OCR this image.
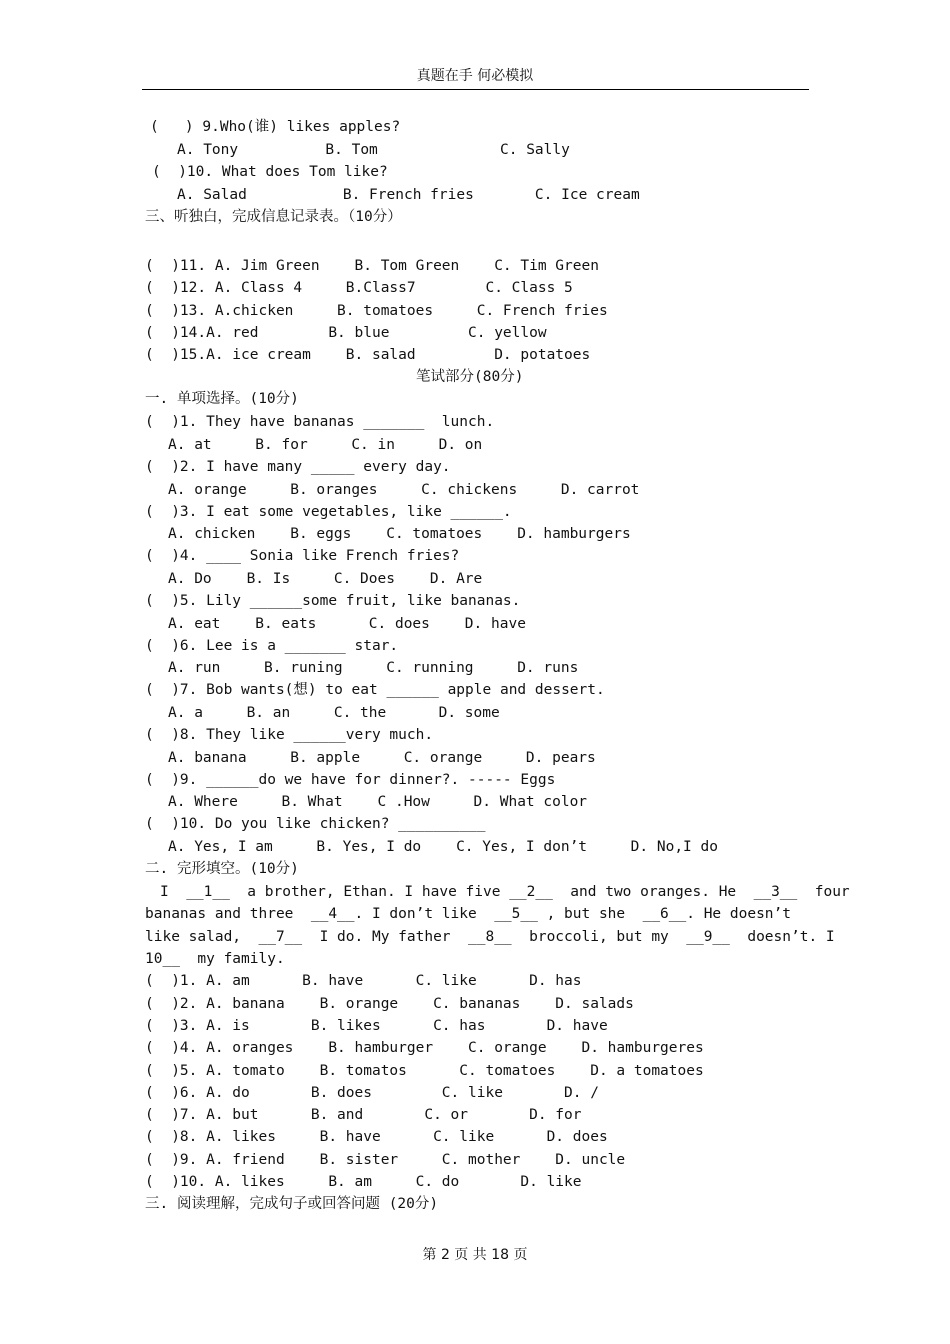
真题在手 何必模拟
(   ) 9.Who(谁) likes apples?
A. Tony          B. Tom              C. Sally
(  )10. What does Tom like?
A. Salad           B. French fries       C. Ice cream
三、听独白，完成信息记录表。（10分）
(  )11. A. Jim Green    B. Tom Green    C. Tim Green
(  )12. A. Class 4     B.Class7        C. Class 5
(  )13. A.chicken     B. tomatoes     C. French fries
(  )14.A. red        B. blue         C. yellow
(  )15.A. ice cream    B. salad         D. potatoes
笔试部分(80分)
一. 单项选择。(10分)
(  )1. They have bananas _______  lunch.
A. at     B. for     C. in     D. on
(  )2. I have many _____ every day.
A. orange     B. oranges     C. chickens     D. carrot
(  )3. I eat some vegetables, like ______.
A. chicken    B. eggs    C. tomatoes    D. hamburgers
(  )4. ____ Sonia like French fries?
A. Do    B. Is     C. Does    D. Are
(  )5. Lily ______some fruit, like bananas.
A. eat    B. eats      C. does    D. have
(  )6. Lee is a _______ star.
A. run     B. runing     C. running     D. runs
(  )7. Bob wants(想) to eat ______ apple and dessert.
A. a     B. an     C. the      D. some
(  )8. They like ______very much.
A. banana     B. apple     C. orange     D. pears
(  )9. ______do we have for dinner?. ----- Eggs
A. Where     B. What    C .How     D. What color
(  )10. Do you like chicken? __________
A. Yes, I am     B. Yes, I do    C. Yes, I don’t     D. No,I do
二. 完形填空。(10分)
I  __1__  a brother, Ethan. I have five __2__  and two oranges. He  __3__  four
bananas and three  __4__. I don’t like  __5__ , but she  __6__. He doesn’t
like salad,  __7__  I do. My father  __8__  broccoli, but my  __9__  doesn’t. I
10__  my family.
(  )1. A. am      B. have      C. like      D. has
(  )2. A. banana    B. orange    C. bananas    D. salads
(  )3. A. is       B. likes      C. has       D. have
(  )4. A. oranges    B. hamburger    C. orange    D. hamburgeres
(  )5. A. tomato    B. tomatos      C. tomatoes    D. a tomatoes
(  )6. A. do       B. does        C. like       D. /
(  )7. A. but      B. and       C. or       D. for
(  )8. A. likes     B. have      C. like      D. does
(  )9. A. friend    B. sister     C. mother    D. uncle
(  )10. A. likes     B. am     C. do       D. like
三. 阅读理解，完成句子或回答问题 (20分)
第 2 页 共 18 页
